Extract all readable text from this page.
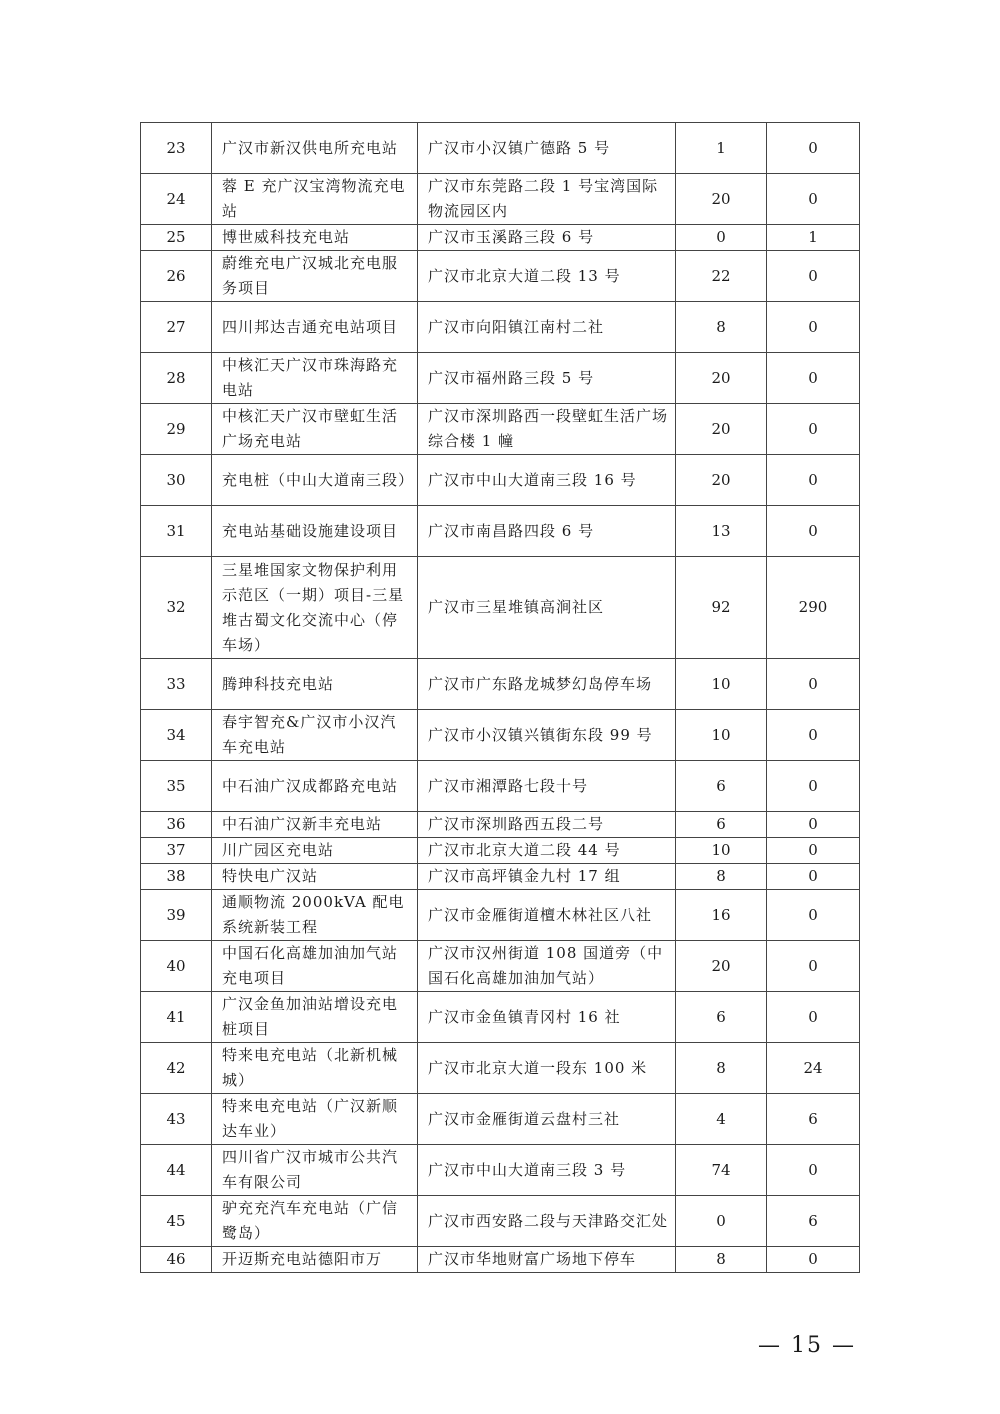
23	广汉市新汉供电所充电站	广汉市小汉镇广德路 5 号	1	0
24	蓉 E 充广汉宝湾物流充电站	广汉市东莞路二段 1 号宝湾国际物流园区内	20	0
25	博世威科技充电站	广汉市玉溪路三段 6 号	0	1
26	蔚维充电广汉城北充电服务项目	广汉市北京大道二段 13 号	22	0
27	四川邦达吉通充电站项目	广汉市向阳镇江南村二社	8	0
28	中核汇天广汉市珠海路充电站	广汉市福州路三段 5 号	20	0
29	中核汇天广汉市壁虹生活广场充电站	广汉市深圳路西一段壁虹生活广场综合楼 1 幢	20	0
30	充电桩（中山大道南三段）	广汉市中山大道南三段 16 号	20	0
31	充电站基础设施建设项目	广汉市南昌路四段 6 号	13	0
32	三星堆国家文物保护利用示范区（一期）项目-三星堆古蜀文化交流中心（停车场）	广汉市三星堆镇高涧社区	92	290
33	腾珅科技充电站	广汉市广东路龙城梦幻岛停车场	10	0
34	春宇智充&广汉市小汉汽车充电站	广汉市小汉镇兴镇街东段 99 号	10	0
35	中石油广汉成都路充电站	广汉市湘潭路七段十号	6	0
36	中石油广汉新丰充电站	广汉市深圳路西五段二号	6	0
37	川广园区充电站	广汉市北京大道二段 44 号	10	0
38	特快电广汉站	广汉市高坪镇金九村 17 组	8	0
39	通顺物流 2000kVA 配电系统新装工程	广汉市金雁街道檀木林社区八社	16	0
40	中国石化高雄加油加气站充电项目	广汉市汉州街道 108 国道旁（中国石化高雄加油加气站）	20	0
41	广汉金鱼加油站增设充电桩项目	广汉市金鱼镇青冈村 16 社	6	0
42	特来电充电站（北新机械城）	广汉市北京大道一段东 100 米	8	24
43	特来电充电站（广汉新顺达车业）	广汉市金雁街道云盘村三社	4	6
44	四川省广汉市城市公共汽车有限公司	广汉市中山大道南三段 3 号	74	0
45	驴充充汽车充电站（广信鹭岛）	广汉市西安路二段与天津路交汇处	0	6
46	开迈斯充电站德阳市万	广汉市华地财富广场地下停车	8	0
— 15 —
